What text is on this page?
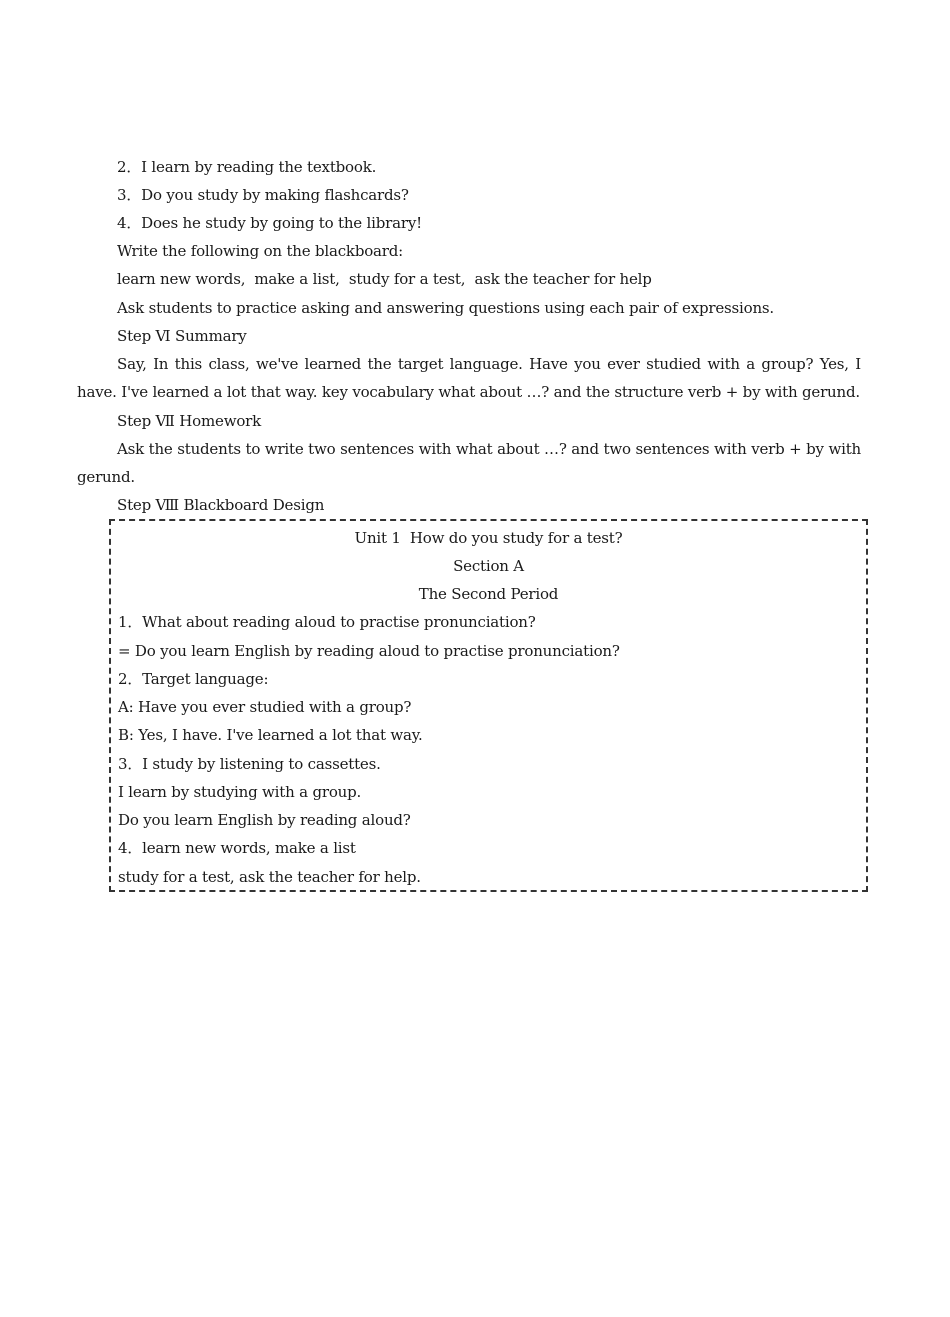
2．I learn by reading the textbook.
3．Do you study by making flashcards?
4．Does he study by going to the library!
Write the following on the blackboard:
learn new words,  make a list,  study for a test,  ask the teacher for help
Ask students to practice asking and answering questions using each pair of expressions.
Step Ⅵ Summary
Say, In this class, we've learned the target language. Have you ever studied with a group? Yes, I have. I've learned a lot that way. key vocabulary what about …? and the structure verb + by with gerund.
Step Ⅶ Homework
Ask the students to write two sentences with what about …? and two sentences with verb + by with gerund.
Step Ⅷ Blackboard Design
Unit 1  How do you study for a test?
Section A
The Second Period
1．What about reading aloud to practise pronunciation?
= Do you learn English by reading aloud to practise pronunciation?
2．Target language:
A: Have you ever studied with a group?
B: Yes, I have. I've learned a lot that way.
3．I study by listening to cassettes.
I learn by studying with a group.
Do you learn English by reading aloud?
4．learn new words, make a list
study for a test, ask the teacher for help.
